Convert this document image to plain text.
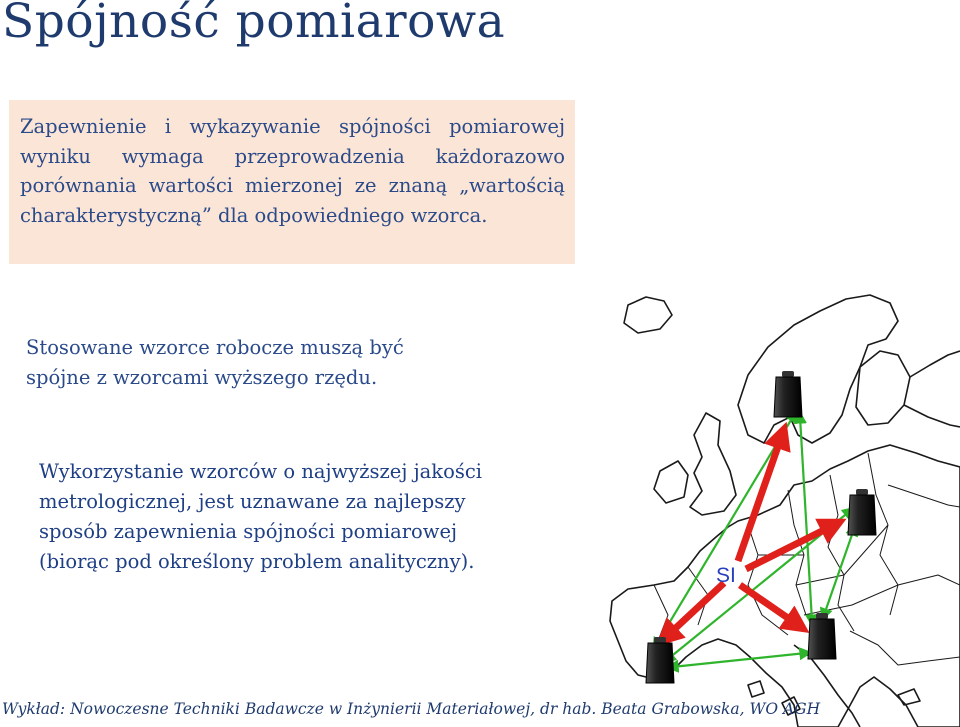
Spójność pomiarowa

Zapewnienie i wykazywanie spójności pomiarowej wyniku wymaga przeprowadzenia każdorazowo porównania wartości mierzonej ze znaną „wartością charakterystyczną” dla odpowiedniego wzorca.

Stosowane wzorce robocze muszą być spójne z wzorcami wyższego rzędu.

Wykorzystanie wzorców o najwyższej jakości metrologicznej, jest uznawane za najlepszy sposób zapewnienia spójności pomiarowej (biorąc pod określony problem analityczny).

SI

Wykład: Nowoczesne Techniki Badawcze w Inżynierii Materiałowej, dr hab. Beata Grabowska, WO AGH
